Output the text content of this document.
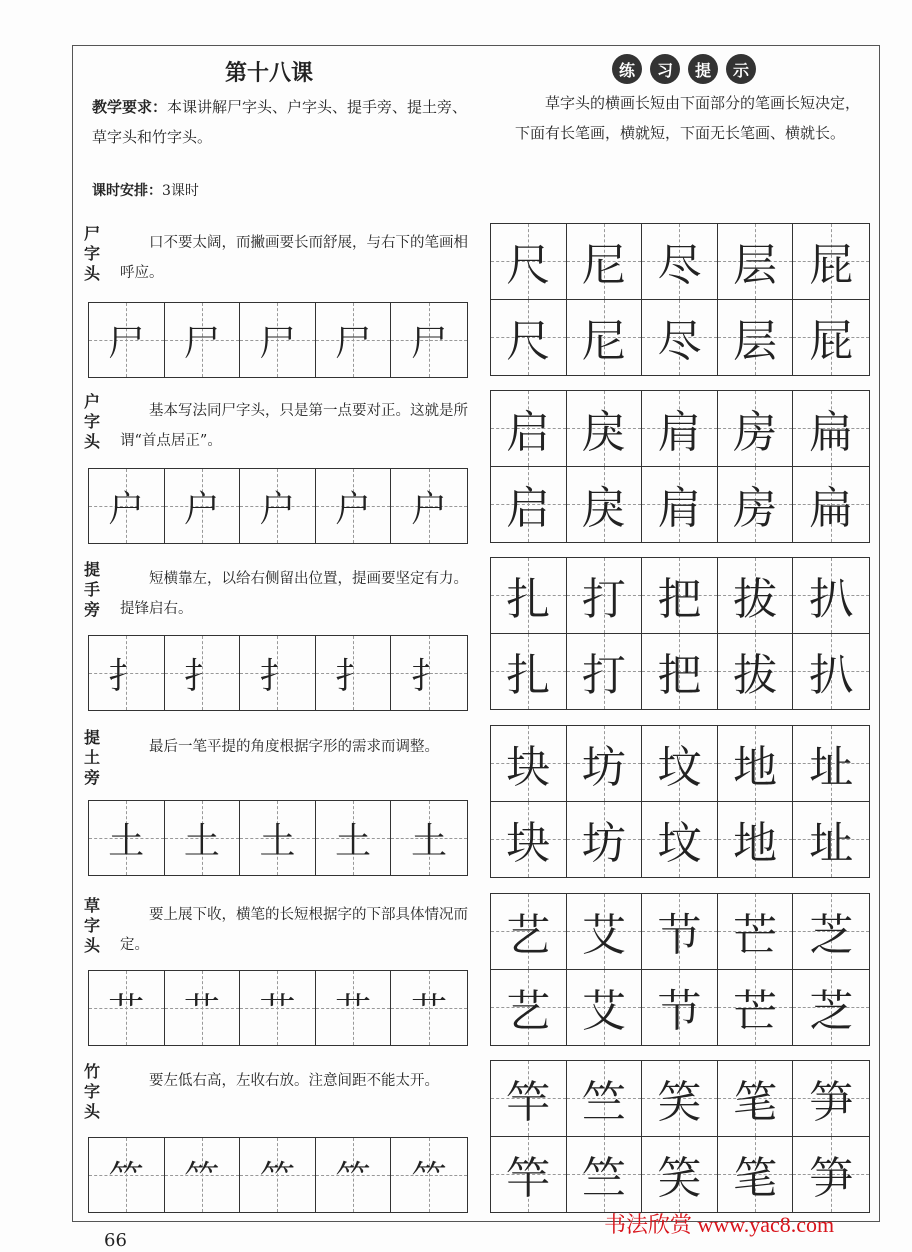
第十八课
教学要求：本课讲解尸字头、户字头、提手旁、提土旁、草字头和竹字头。
课时安排：3课时
练	习	提	示
草字头的横画长短由下面部分的笔画长短决定，下面有长笔画，横就短，下面无长笔画、横就长。
尸字头
口不要太阔，而撇画要长而舒展，与右下的笔画相呼应。
尸 尸 尸 尸 尸
尺 尼 尽 层 屁
尺 尼 尽 层 屁
户字头
基本写法同尸字头，只是第一点要对正。这就是所谓“首点居正”。
户 户 户 户 户
启 戾 肩 房 扁
启 戾 肩 房 扁
提手旁
短横靠左，以给右侧留出位置，提画要坚定有力。提锋启右。
扌 扌 扌 扌 扌
扎 打 把 拔 扒
扎 打 把 拔 扒
提土旁
最后一笔平提的角度根据字形的需求而调整。
土 土 土 土 土
块 坊 坟 地 址
块 坊 坟 地 址
草字头
要上展下收，横笔的长短根据字的下部具体情况而定。
艹 艹 艹 艹 艹
艺 艾 节 芒 芝
艺 艾 节 芒 芝
竹字头
要左低右高，左收右放。注意间距不能太开。
⺮ ⺮ ⺮ ⺮ ⺮
竿 竺 笑 笔 笋
竿 竺 笑 笔 笋
66
书法欣赏 www.yac8.com
